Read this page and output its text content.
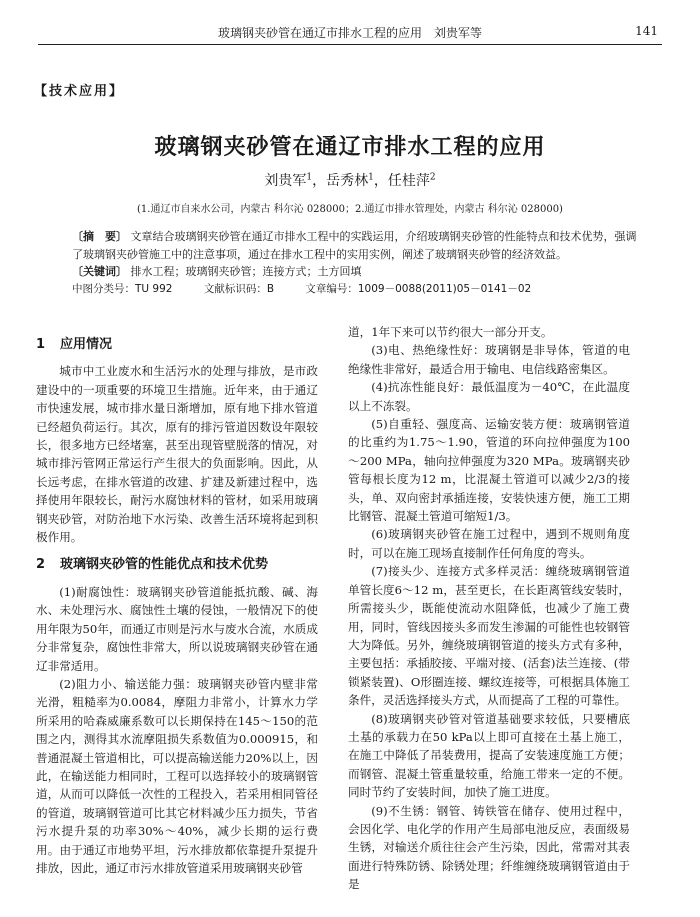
玻璃钢夹砂管在通辽市排水工程的应用　刘贵军等	141
【技术应用】
玻璃钢夹砂管在通辽市排水工程的应用
刘贵军$^1$，岳秀林$^1$，任桂萍$^2$
(1.通辽市自来水公司，内蒙古 科尔沁 028000；2.通辽市排水管理处，内蒙古 科尔沁 028000)

〔摘　要〕 文章结合玻璃钢夹砂管在通辽市排水工程中的实践运用，介绍玻璃钢夹砂管的性能特点和技术优势，强调了玻璃钢夹砂管施工中的注意事项，通过在排水工程中的实用实例，阐述了玻璃钢夹砂管的经济效益。

〔关键词〕 排水工程；玻璃钢夹砂管；连接方式；土方回填

中图分类号：TU 992	文献标识码：B	文章编号：1009－0088(2011)05－0141－02

1 应用情况

城市中工业废水和生活污水的处理与排放，是市政建设中的一项重要的环境卫生措施。近年来，由于通辽市快速发展，城市排水量日渐增加，原有地下排水管道已经超负荷运行。其次，原有的排污管道因数设年限较长，很多地方已经堵塞，甚至出现管壁脱落的情况，对城市排污管网正常运行产生很大的负面影响。因此，从长远考虑，在排水管道的改建、扩建及新建过程中，选择使用年限较长，耐污水腐蚀材料的管材，如采用玻璃钢夹砂管，对防治地下水污染、改善生活环境将起到积极作用。

2 玻璃钢夹砂管的性能优点和技术优势

(1)耐腐蚀性：玻璃钢夹砂管道能抵抗酸、碱、海水、未处理污水、腐蚀性土壤的侵蚀，一般情况下的使用年限为50年，而通辽市则是污水与废水合流，水质成分非常复杂，腐蚀性非常大，所以说玻璃钢夹砂管在通辽非常适用。

(2)阻力小、输送能力强：玻璃钢夹砂管内壁非常光滑，粗糙率为0.0084，摩阻力非常小，计算水力学所采用的哈森威廉系数可以长期保持在145～150的范围之内，测得其水流摩阻损失系数值为0.000915，和普通混凝土管道相比，可以提高输送能力20%以上，因此，在输送能力相同时，工程可以选择较小的玻璃钢管道，从而可以降低一次性的工程投入，若采用相同管径的管道，玻璃钢管道可比其它材料减少压力损失，节省污水提升泵的功率30%～40%，减少长期的运行费用。由于通辽市地势平坦，污水排放都依靠提升泵提升排放，因此，通辽市污水排放管道采用玻璃钢夹砂管

道，1年下来可以节约很大一部分开支。

(3)电、热绝缘性好：玻璃钢是非导体，管道的电绝缘性非常好，最适合用于输电、电信线路密集区。

(4)抗冻性能良好：最低温度为－40℃，在此温度以上不冻裂。

(5)自重轻、强度高、运输安装方便：玻璃钢管道的比重约为1.75～1.90，管道的环向拉伸强度为100～200 MPa，轴向拉伸强度为320 MPa。玻璃钢夹砂管每根长度为12 m，比混凝土管道可以减少2/3的接头，单、双向密封承插连接，安装快速方便，施工工期比钢管、混凝土管道可缩短1/3。

(6)玻璃钢夹砂管在施工过程中，遇到不规则角度时，可以在施工现场直接制作任何角度的弯头。

(7)接头少、连接方式多样灵活：缠绕玻璃钢管道单管长度6～12 m，甚至更长，在长距离管线安装时，所需接头少，既能使流动水阻降低，也减少了施工费用，同时，管线因接头多而发生渗漏的可能性也较钢管大为降低。另外，缠绕玻璃钢管道的接头方式有多种，主要包括：承插胶接、平端对接、(活套)法兰连接、(带锁紧装置)、O形圈连接、螺纹连接等，可根据具体施工条件，灵活选择接头方式，从而提高了工程的可靠性。

(8)玻璃钢夹砂管对管道基础要求较低，只要槽底土基的承载力在50 kPa以上即可直接在土基上施工，在施工中降低了吊装费用，提高了安装速度施工方便；而钢管、混凝土管重量较重，给施工带来一定的不便。同时节约了安装时间，加快了施工进度。

(9)不生锈：钢管、铸铁管在储存、使用过程中，会因化学、电化学的作用产生局部电池反应，表面级易生锈，对输送介质往往会产生污染，因此，常需对其表面进行特殊防锈、除锈处理；纤维缠绕玻璃钢管道由于是
